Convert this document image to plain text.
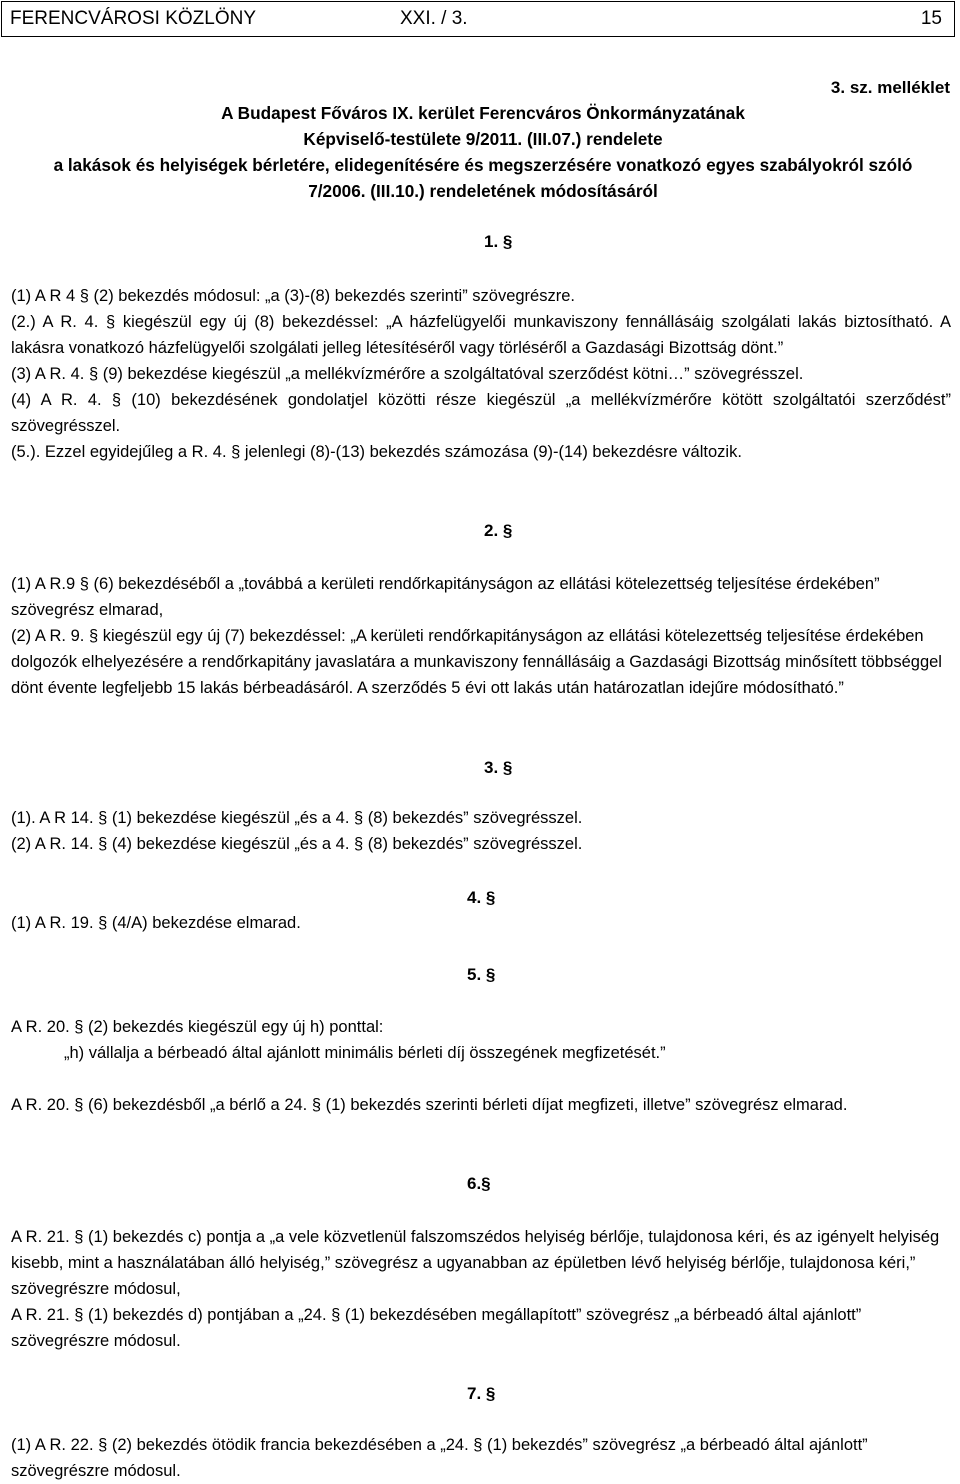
FERENCVÁROSI KÖZLÖNY	XXI. / 3.	15
3. sz. melléklet
A Budapest Főváros IX. kerület Ferencváros Önkormányzatának
Képviselő-testülete 9/2011. (III.07.) rendelete
a lakások és helyiségek bérletére, elidegenítésére és megszerzésére vonatkozó egyes szabályokról szóló
7/2006. (III.10.) rendeletének módosításáról
1. §

(1) A R 4 § (2) bekezdés módosul: „a (3)-(8) bekezdés szerinti” szövegrészre.

(2.) A R. 4. § kiegészül egy új (8) bekezdéssel: „A házfelügyelői munkaviszony fennállásáig szolgálati lakás biztosítható. A lakásra vonatkozó házfelügyelői szolgálati jelleg létesítéséről vagy törléséről a Gazdasági Bizottság dönt.”

(3) A R. 4. § (9) bekezdése kiegészül „a mellékvízmérőre a szolgáltatóval szerződést kötni…” szövegrésszel.

(4) A R. 4. § (10) bekezdésének gondolatjel közötti része kiegészül „a mellékvízmérőre kötött szolgáltatói szerződést” szövegrésszel.

(5.). Ezzel egyidejűleg a R. 4. § jelenlegi (8)-(13) bekezdés számozása (9)-(14) bekezdésre változik.

2. §

(1) A R.9 § (6) bekezdéséből a „továbbá a kerületi rendőrkapitányságon az ellátási kötelezettség teljesítése érdekében” szövegrész elmarad,

(2) A R. 9. § kiegészül egy új (7) bekezdéssel: „A kerületi rendőrkapitányságon az ellátási kötelezettség teljesítése érdekében dolgozók elhelyezésére a rendőrkapitány javaslatára a munkaviszony fennállásáig a Gazdasági Bizottság minősített többséggel dönt évente legfeljebb 15 lakás bérbeadásáról. A szerződés 5 évi ott lakás után határozatlan idejűre módosítható.”

3. §

(1). A R 14. § (1) bekezdése kiegészül „és a 4. § (8) bekezdés” szövegrésszel.

(2) A R. 14. § (4) bekezdése kiegészül „és a 4. § (8) bekezdés” szövegrésszel.

4. §

(1) A R. 19. § (4/A) bekezdése elmarad.

5. §

A R. 20. § (2) bekezdés kiegészül egy új h) ponttal:

„h) vállalja a bérbeadó által ajánlott minimális bérleti díj összegének megfizetését.”

A R. 20. § (6) bekezdésből „a bérlő a 24. § (1) bekezdés szerinti bérleti díjat megfizeti, illetve” szövegrész elmarad.

6.§

A R. 21. § (1) bekezdés c) pontja a „a vele közvetlenül falszomszédos helyiség bérlője, tulajdonosa kéri, és az igényelt helyiség kisebb, mint a használatában álló helyiség,” szövegrész a ugyanabban az épületben lévő helyiség bérlője, tulajdonosa kéri,” szövegrészre módosul,

A R. 21. § (1) bekezdés d) pontjában a „24. § (1) bekezdésében megállapított” szövegrész „a bérbeadó által ajánlott” szövegrészre módosul.

7. §

(1) A R. 22. § (2) bekezdés ötödik francia bekezdésében a „24. § (1) bekezdés” szövegrész „a bérbeadó által ajánlott” szövegrészre módosul.
